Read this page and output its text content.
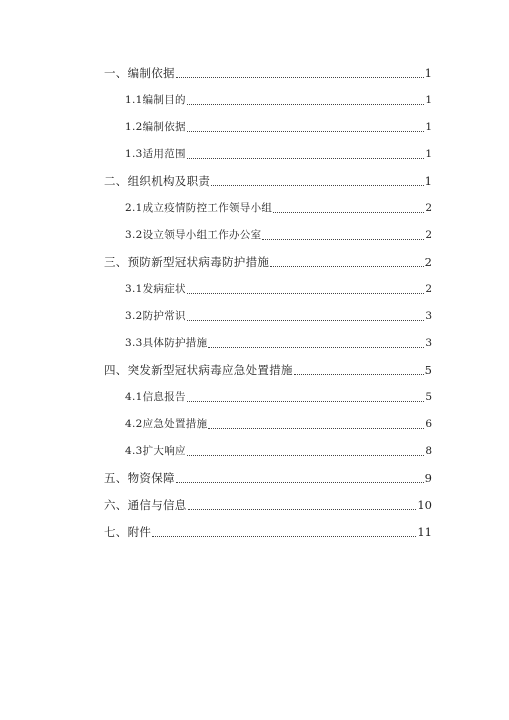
一、编制依据	1
1.1编制目的	1
1.2编制依据	1
1.3适用范围	1
二、组织机构及职责	1
2.1成立疫情防控工作领导小组	2
3.2设立领导小组工作办公室	2
三、预防新型冠状病毒防护措施	2
3.1发病症状	2
3.2防护常识	3
3.3具体防护措施	3
四、突发新型冠状病毒应急处置措施	5
4.1信息报告	5
4.2应急处置措施	6
4.3扩大响应	8
五、物资保障	9
六、通信与信息	10
七、附件	11
